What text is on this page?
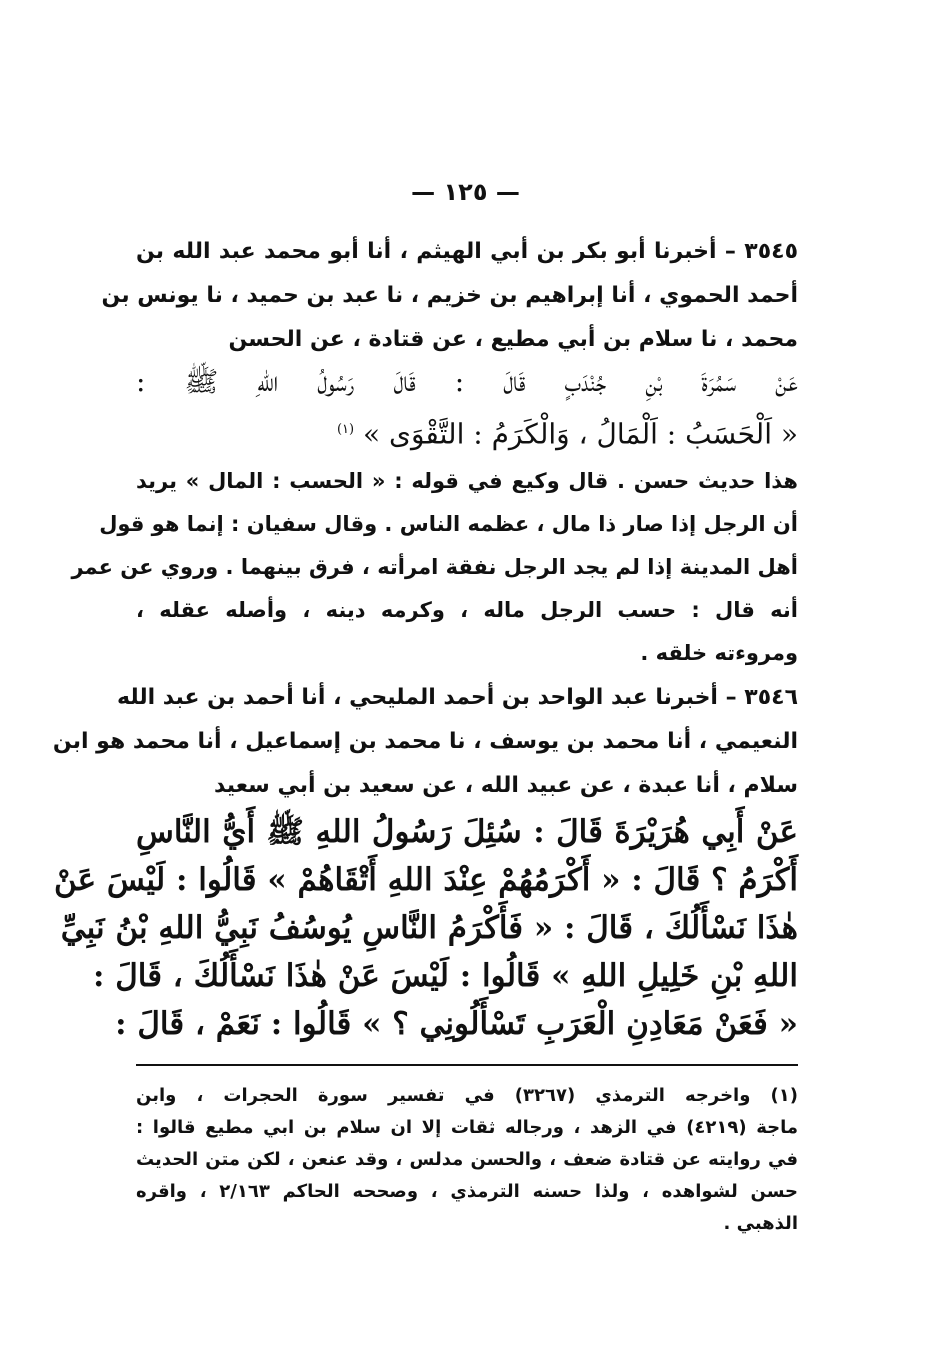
— ١٢٥ —
٣٥٤٥ – أخبرنا أبو بكر بن أبي الهيثم ، أنا أبو محمد عبد الله بن
أحمد الحموي ، أنا إبراهيم بن خزيم ، نا عبد بن حميد ، نا يونس بن
محمد ، نا سلام بن أبي مطيع ، عن قتادة ، عن الحسن
عَنْ سَمُرَةَ بْنِ جُنْدَبٍ قَالَ : قَالَ رَسُولُ اللهِ ﷺ :
« اَلْحَسَبُ : اَلْمَالُ ، وَالْكَرَمُ : التَّقْوَى » $^{(١)}$
هذا حديث حسن . قال وكيع في قوله : « الحسب : المال » يريد
أن الرجل إذا صار ذا مال ، عظمه الناس . وقال سفيان : إنما هو قول
أهل المدينة إذا لم يجد الرجل نفقة امرأته ، فرق بينهما . وروي عن عمر
أنه قال : حسب الرجل ماله ، وكرمه دينه ، وأصله عقله ،
ومروءته خلقه .
٣٥٤٦ – أخبرنا عبد الواحد بن أحمد المليحي ، أنا أحمد بن عبد الله
النعيمي ، أنا محمد بن يوسف ، نا محمد بن إسماعيل ، أنا محمد هو ابن
سلام ، أنا عبدة ، عن عبيد الله ، عن سعيد بن أبي سعيد
عَنْ أَبِي هُرَيْرَةَ قَالَ : سُئِلَ رَسُولُ اللهِ ﷺ أَيُّ النَّاسِ
أَكْرَمُ ؟ قَالَ : « أَكْرَمُهُمْ عِنْدَ اللهِ أَتْقَاهُمْ » قَالُوا : لَيْسَ عَنْ
هٰذَا نَسْأَلُكَ ، قَالَ : « فَأَكْرَمُ النَّاسِ يُوسُفُ نَبِيُّ اللهِ بْنُ نَبِيِّ
اللهِ بْنِ خَلِيلِ اللهِ » قَالُوا : لَيْسَ عَنْ هٰذَا نَسْأَلُكَ ، قَالَ :
« فَعَنْ مَعَادِنِ الْعَرَبِ تَسْأَلُونِي ؟ » قَالُوا : نَعَمْ ، قَالَ :
(١) واخرجه الترمذي (٣٢٦٧) في تفسير سورة الحجرات ، وابن
ماجة (٤٢١٩) في الزهد ، ورجاله ثقات إلا ان سلام بن ابي مطيع قالوا :
في روايته عن قتادة ضعف ، والحسن مدلس ، وقد عنعن ، لكن متن الحديث
حسن لشواهده ، ولذا حسنه الترمذي ، وصححه الحاكم ٢/١٦٣ ، واقره
الذهبي .
